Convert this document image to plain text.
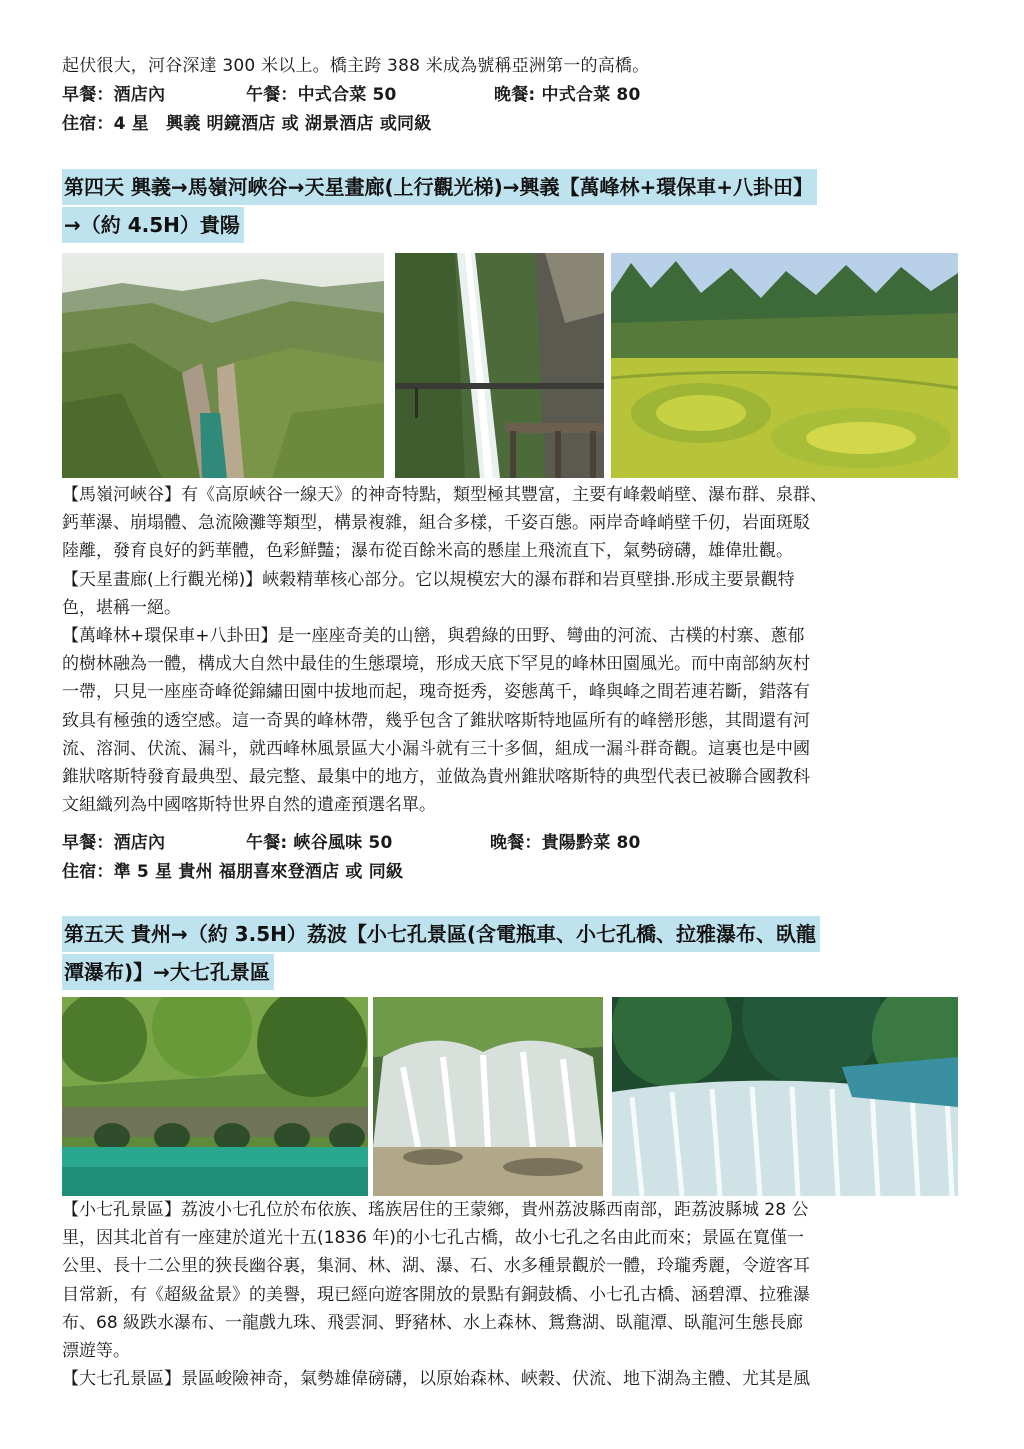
起伏很大，河谷深達 300 米以上。橋主跨 388 米成為號稱亞洲第一的高橋。
早餐：酒店內	午餐：中式合菜 50	晚餐: 中式合菜 80
住宿：4 星　興義 明鏡酒店 或 湖景酒店 或同級
第四天 興義→馬嶺河峽谷→天星畫廊(上行觀光梯)→興義【萬峰林+環保車+八卦田】
→（約 4.5H）貴陽

【馬嶺河峽谷】有《高原峽谷一線天》的神奇特點，類型極其豐富，主要有峰穀峭壁、瀑布群、泉群、

鈣華瀑、崩塌體、急流險灘等類型，構景複雜，組合多樣，千姿百態。兩岸奇峰峭壁千仞，岩面斑駁

陸離，發育良好的鈣華體，色彩鮮豔；瀑布從百餘米高的懸崖上飛流直下，氣勢磅礴，雄偉壯觀。

【天星畫廊(上行觀光梯)】峽穀精華核心部分。它以規模宏大的瀑布群和岩頁壁掛.形成主要景觀特

色，堪稱一絕。

【萬峰林+環保車+八卦田】是一座座奇美的山巒，與碧綠的田野、彎曲的河流、古樸的村寨、蔥郁

的樹林融為一體，構成大自然中最佳的生態環境，形成天底下罕見的峰林田園風光。而中南部納灰村

一帶，只見一座座奇峰從錦繡田園中拔地而起，瑰奇挺秀，姿態萬千，峰與峰之間若連若斷，錯落有

致具有極強的透空感。這一奇異的峰林帶，幾乎包含了錐狀喀斯特地區所有的峰巒形態，其間還有河

流、溶洞、伏流、漏斗，就西峰林風景區大小漏斗就有三十多個，組成一漏斗群奇觀。這裏也是中國

錐狀喀斯特發育最典型、最完整、最集中的地方，並做為貴州錐狀喀斯特的典型代表已被聯合國教科

文組織列為中國喀斯特世界自然的遺產預選名單。

早餐：酒店內	午餐: 峽谷風味 50	晚餐：貴陽黔菜 80
住宿：準 5 星 貴州 福朋喜來登酒店 或 同級
第五天 貴州→（約 3.5H）荔波【小七孔景區(含電瓶車、小七孔橋、拉雅瀑布、臥龍
潭瀑布)】→大七孔景區

【小七孔景區】荔波小七孔位於布依族、瑤族居住的王蒙鄉，貴州荔波縣西南部，距荔波縣城 28 公

里，因其北首有一座建於道光十五(1836 年)的小七孔古橋，故小七孔之名由此而來；景區在寬僅一

公里、長十二公里的狹長幽谷裏，集洞、林、湖、瀑、石、水多種景觀於一體，玲瓏秀麗，令遊客耳

目常新，有《超級盆景》的美譽，現已經向遊客開放的景點有銅鼓橋、小七孔古橋、涵碧潭、拉雅瀑

布、68 級跌水瀑布、一龍戲九珠、飛雲洞、野豬林、水上森林、鴛鴦湖、臥龍潭、臥龍河生態長廊

漂遊等。

【大七孔景區】景區峻險神奇，氣勢雄偉磅礴，以原始森林、峽穀、伏流、地下湖為主體、尤其是風
